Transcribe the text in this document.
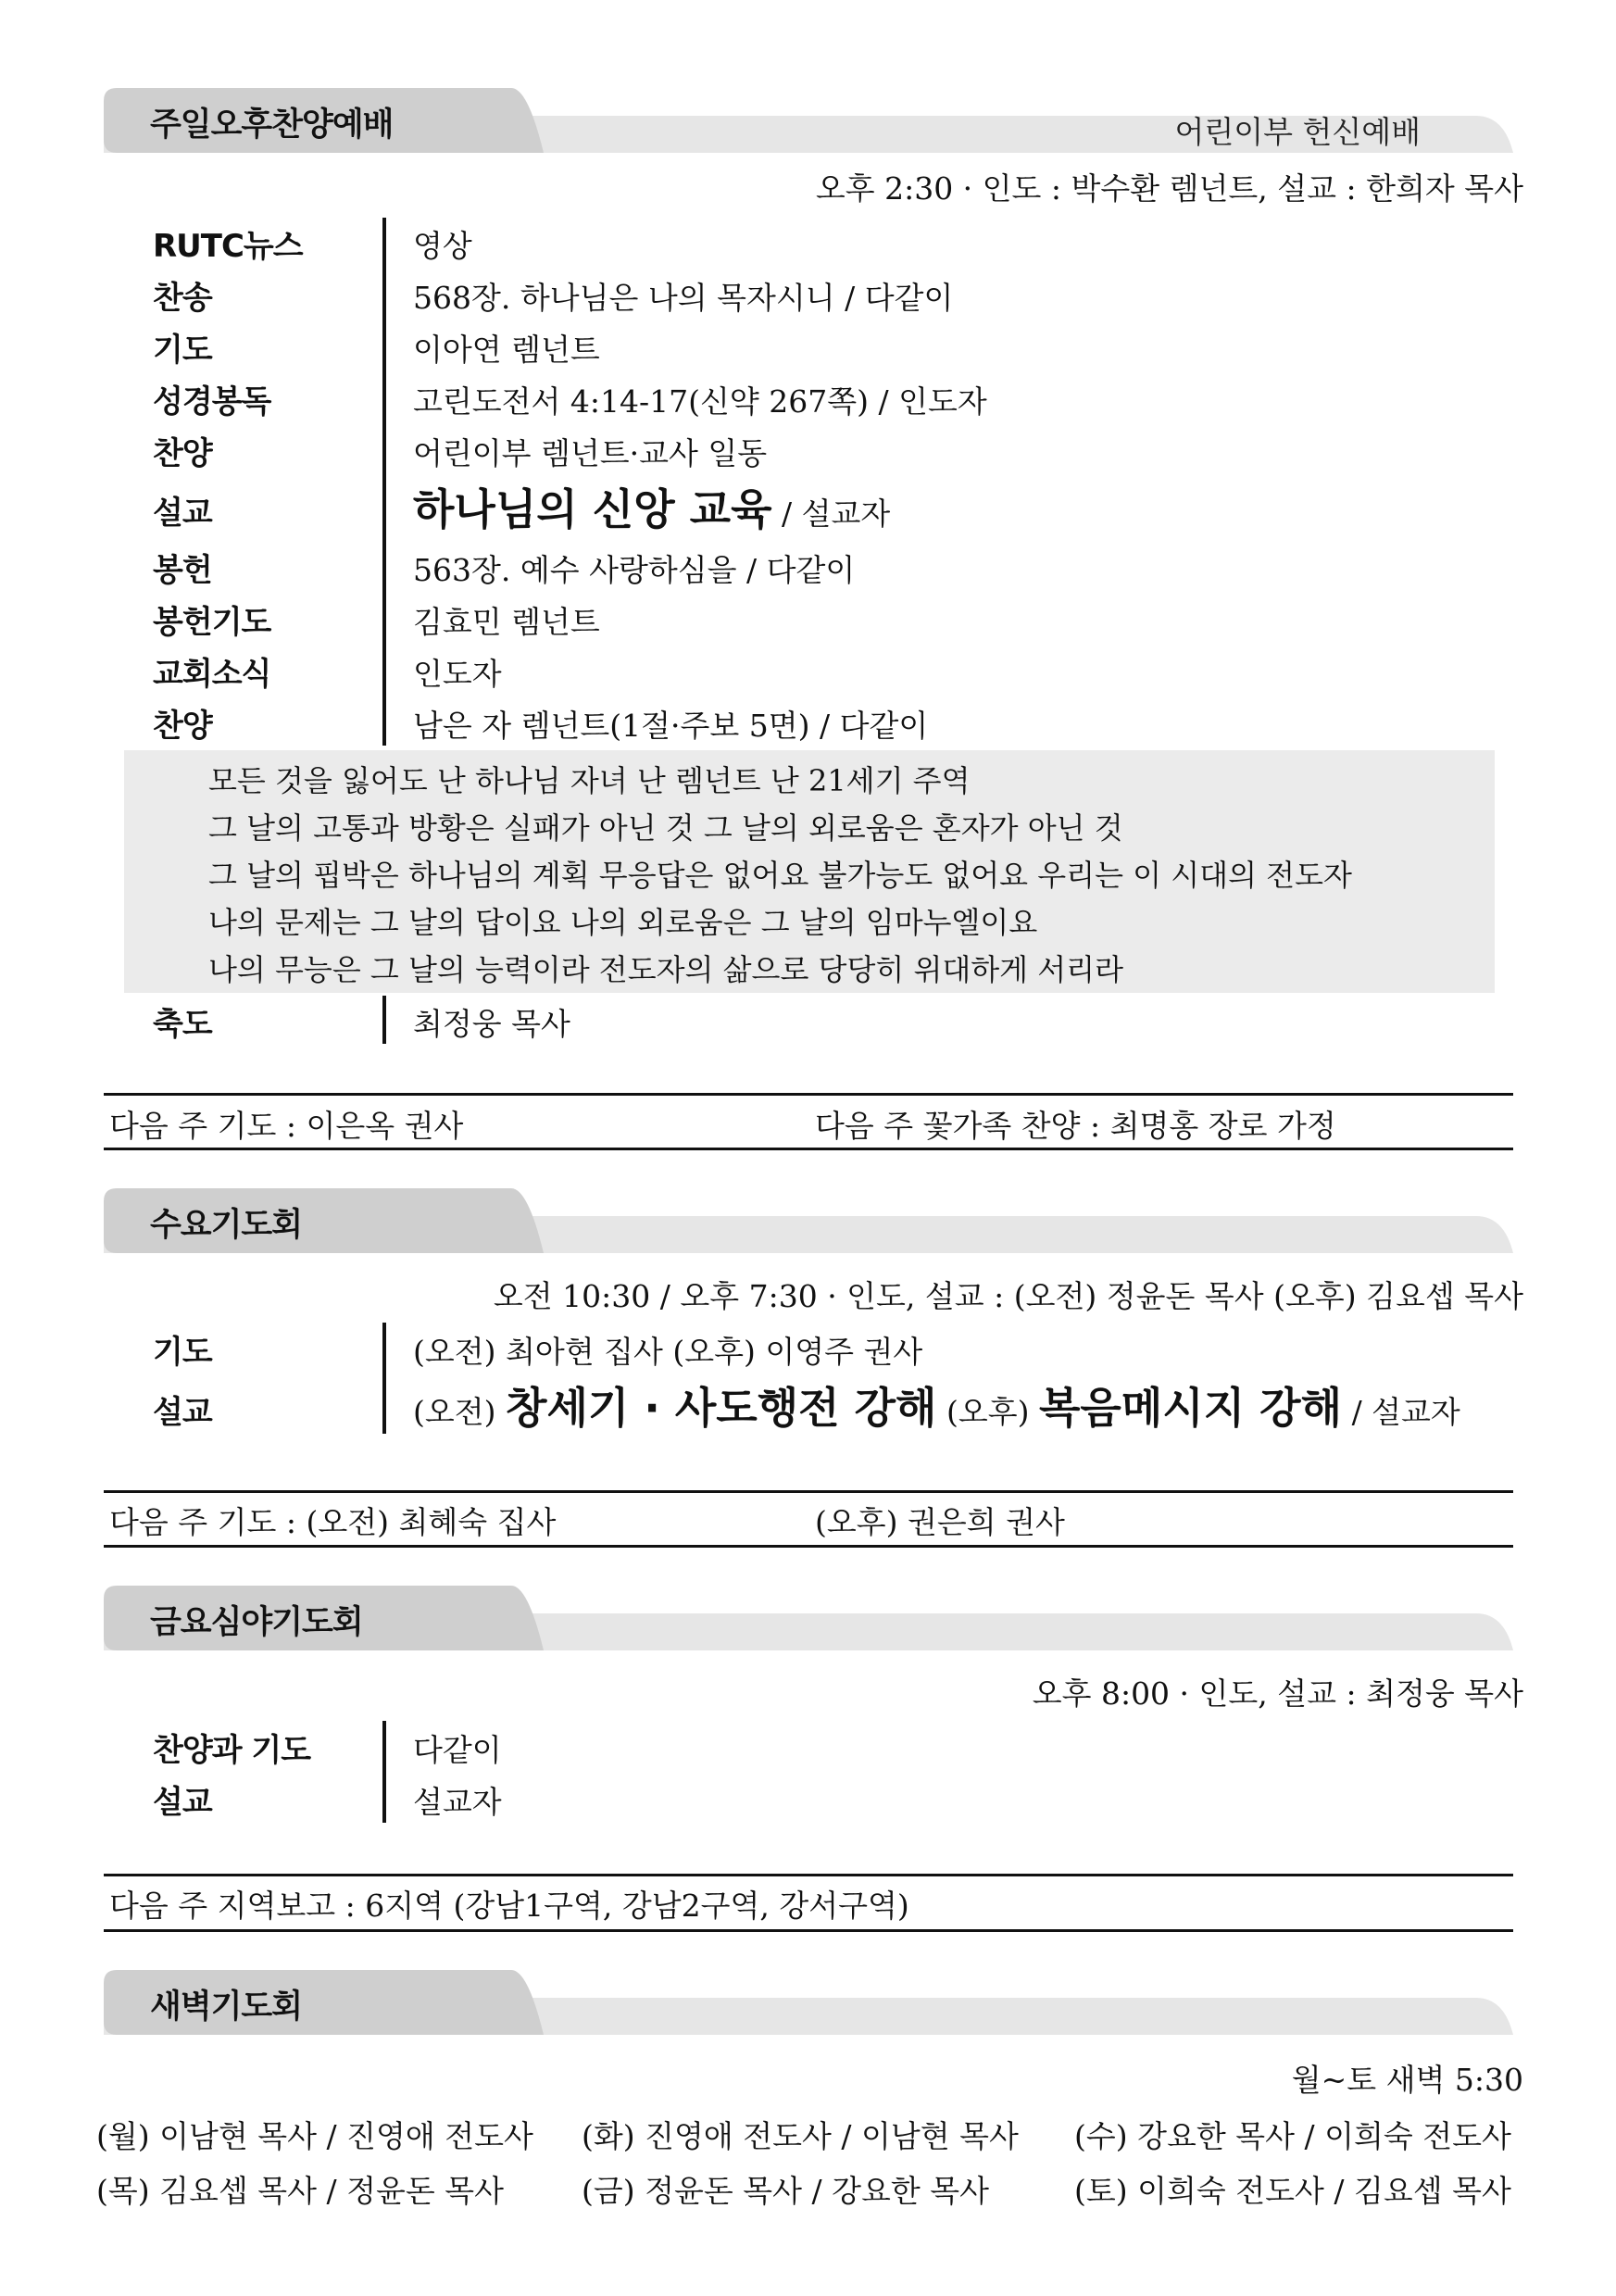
주일오후찬양예배	어린이부 헌신예배
오후 2:30 · 인도 : 박수환 렘넌트, 설교 : 한희자 목사
RUTC뉴스	영상
찬송	568장. 하나님은 나의 목자시니 / 다같이
기도	이아연 렘넌트
성경봉독	고린도전서 4:14-17(신약 267쪽) / 인도자
찬양	어린이부 렘넌트·교사 일동
설교	하나님의 신앙 교육 / 설교자
봉헌	563장. 예수 사랑하심을 / 다같이
봉헌기도	김효민 렘넌트
교회소식	인도자
찬양	남은 자 렘넌트(1절·주보 5면) / 다같이
모든 것을 잃어도 난 하나님 자녀 난 렘넌트 난 21세기 주역
그 날의 고통과 방황은 실패가 아닌 것 그 날의 외로움은 혼자가 아닌 것
그 날의 핍박은 하나님의 계획 무응답은 없어요 불가능도 없어요 우리는 이 시대의 전도자
나의 문제는 그 날의 답이요 나의 외로움은 그 날의 임마누엘이요
나의 무능은 그 날의 능력이라 전도자의 삶으로 당당히 위대하게 서리라
축도	최정웅 목사
다음 주 기도 : 이은옥 권사	다음 주 꽃가족 찬양 : 최명홍 장로 가정
수요기도회
오전 10:30 / 오후 7:30 · 인도, 설교 : (오전) 정윤돈 목사 (오후) 김요셉 목사
기도	(오전) 최아현 집사 (오후) 이영주 권사
설교	(오전) 창세기 · 사도행전 강해 (오후) 복음메시지 강해 / 설교자
다음 주 기도 : (오전) 최혜숙 집사	(오후) 권은희 권사
금요심야기도회
오후 8:00 · 인도, 설교 : 최정웅 목사
찬양과 기도	다같이
설교	설교자
다음 주 지역보고 : 6지역 (강남1구역, 강남2구역, 강서구역)
새벽기도회
월~토 새벽 5:30
(월) 이남현 목사 / 진영애 전도사 (화) 진영애 전도사 / 이남현 목사 (수) 강요한 목사 / 이희숙 전도사
(목) 김요셉 목사 / 정윤돈 목사	(금) 정윤돈 목사 / 강요한 목사	(토) 이희숙 전도사 / 김요셉 목사
